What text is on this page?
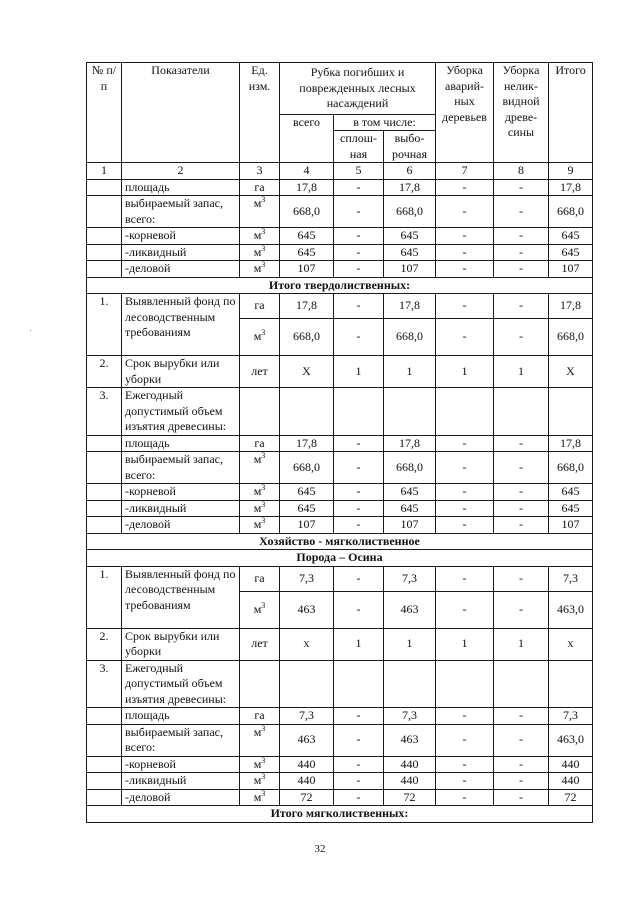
№ п/п	Показатели	Ед. изм.	Рубка погибших и поврежденных лесных насаждений			Уборка аварий-ных деревьев	Уборка нелик-видной древе-сины	Итого
			всего	в том числе:				
				сплош-ная	выбо-рочная			
1	2	3	4	5	6	7	8	9
	площадь	га	17,8	-	17,8	-	-	17,8
	выбираемый запас, всего:	$м^3$	668,0	-	668,0	-	-	668,0
	-корневой	$м^3$	645	-	645	-	-	645
	-ликвидный	$м^3$	645	-	645	-	-	645
	-деловой	$м^3$	107	-	107	-	-	107
Итого твердолиственных:								
1.	Выявленный фонд по лесоводственным требованиям	га	17,8	-	17,8	-	-	17,8
		$м^3$	668,0	-	668,0	-	-	668,0
2.	Срок вырубки или уборки	лет	Х	1	1	1	1	Х
3.	Ежегодный допустимый объем изъятия древесины:							
	площадь	га	17,8	-	17,8	-	-	17,8
	выбираемый запас, всего:	$м^3$	668,0	-	668,0	-	-	668,0
	-корневой	$м^3$	645	-	645	-	-	645
	-ликвидный	$м^3$	645	-	645	-	-	645
	-деловой	$м^3$	107	-	107	-	-	107
Хозяйство - мягколиственное								
Порода – Осина								
1.	Выявленный фонд по лесоводственным требованиям	га	7,3	-	7,3	-	-	7,3
		$м^3$	463	-	463	-	-	463,0
2.	Срок вырубки или уборки	лет	х	1	1	1	1	х
3.	Ежегодный допустимый объем изъятия древесины:							
	площадь	га	7,3	-	7,3	-	-	7,3
	выбираемый запас, всего:	$м^3$	463	-	463	-	-	463,0
	-корневой	$м^3$	440	-	440	-	-	440
	-ликвидный	$м^3$	440	-	440	-	-	440
	-деловой	$м^3$	72	-	72	-	-	72
Итого мягколиственных:								
32
